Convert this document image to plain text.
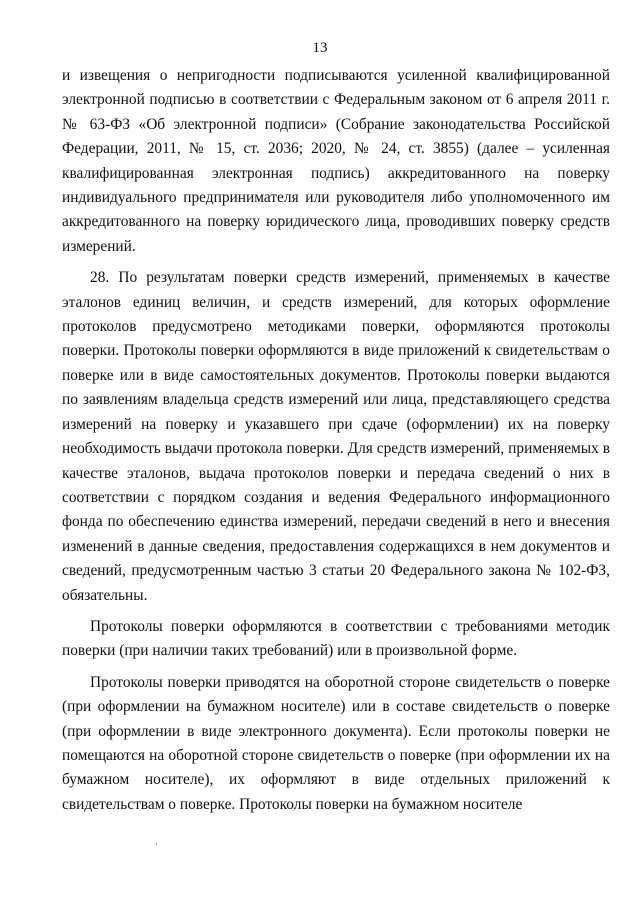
13

и извещения о непригодности подписываются усиленной квалифицированной электронной подписью в соответствии с Федеральным законом от 6 апреля 2011 г. № 63-ФЗ «Об электронной подписи» (Собрание законодательства Российской Федерации, 2011, № 15, ст. 2036; 2020, № 24, ст. 3855) (далее – усиленная квалифицированная электронная подпись) аккредитованного на поверку индивидуального предпринимателя или руководителя либо уполномоченного им аккредитованного на поверку юридического лица, проводивших поверку средств измерений.

28. По результатам поверки средств измерений, применяемых в качестве эталонов единиц величин, и средств измерений, для которых оформление протоколов предусмотрено методиками поверки, оформляются протоколы поверки. Протоколы поверки оформляются в виде приложений к свидетельствам о поверке или в виде самостоятельных документов. Протоколы поверки выдаются по заявлениям владельца средств измерений или лица, представляющего средства измерений на поверку и указавшего при сдаче (оформлении) их на поверку необходимость выдачи протокола поверки. Для средств измерений, применяемых в качестве эталонов, выдача протоколов поверки и передача сведений о них в соответствии с порядком создания и ведения Федерального информационного фонда по обеспечению единства измерений, передачи сведений в него и внесения изменений в данные сведения, предоставления содержащихся в нем документов и сведений, предусмотренным частью 3 статьи 20 Федерального закона № 102-ФЗ, обязательны.

Протоколы поверки оформляются в соответствии с требованиями методик поверки (при наличии таких требований) или в произвольной форме.

Протоколы поверки приводятся на оборотной стороне свидетельств о поверке (при оформлении на бумажном носителе) или в составе свидетельств о поверке (при оформлении в виде электронного документа). Если протоколы поверки не помещаются на оборотной стороне свидетельств о поверке (при оформлении их на бумажном носителе), их оформляют в виде отдельных приложений к свидетельствам о поверке. Протоколы поверки на бумажном носителе
